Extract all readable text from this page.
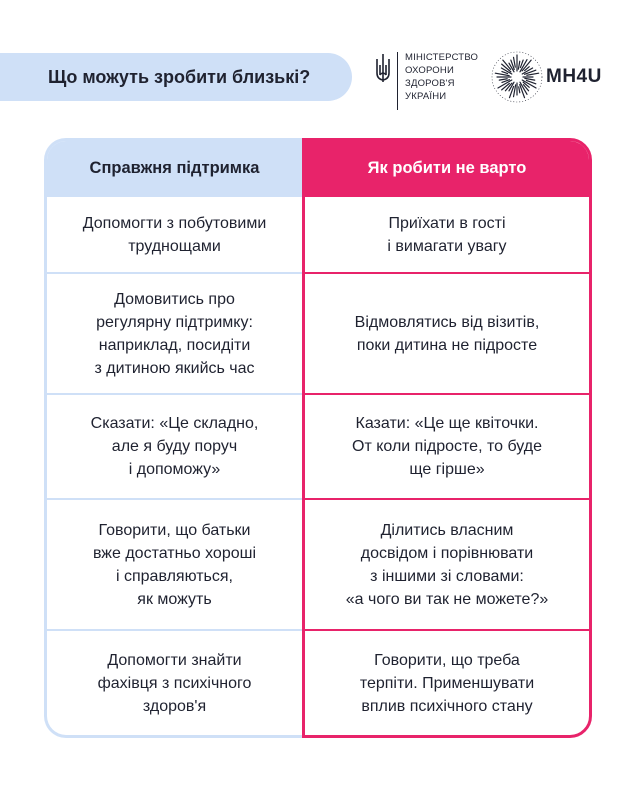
Що можуть зробити близькі?
МІНІСТЕРСТВО
ОХОРОНИ
ЗДОРОВ'Я
УКРАЇНИ
MH4U
Справжня підтримка
Допомогти з побутовими
труднощами
Домовитись про
регулярну підтримку:
наприклад, посидіти
з дитиною якийсь час
Сказати: «Це складно,
але я буду поруч
і допоможу»
Говорити, що батьки
вже достатньо хороші
і справляються,
як можуть
Допомогти знайти
фахівця з психічного
здоров'я
Як робити не варто
Приїхати в гості
і вимагати увагу
Відмовлятись від візитів,
поки дитина не підросте
Казати: «Це ще квіточки.
От коли підросте, то буде
ще гірше»
Ділитись власним
досвідом і порівнювати
з іншими зі словами:
«а чого ви так не можете?»
Говорити, що треба
терпіти. Применшувати
вплив психічного стану
